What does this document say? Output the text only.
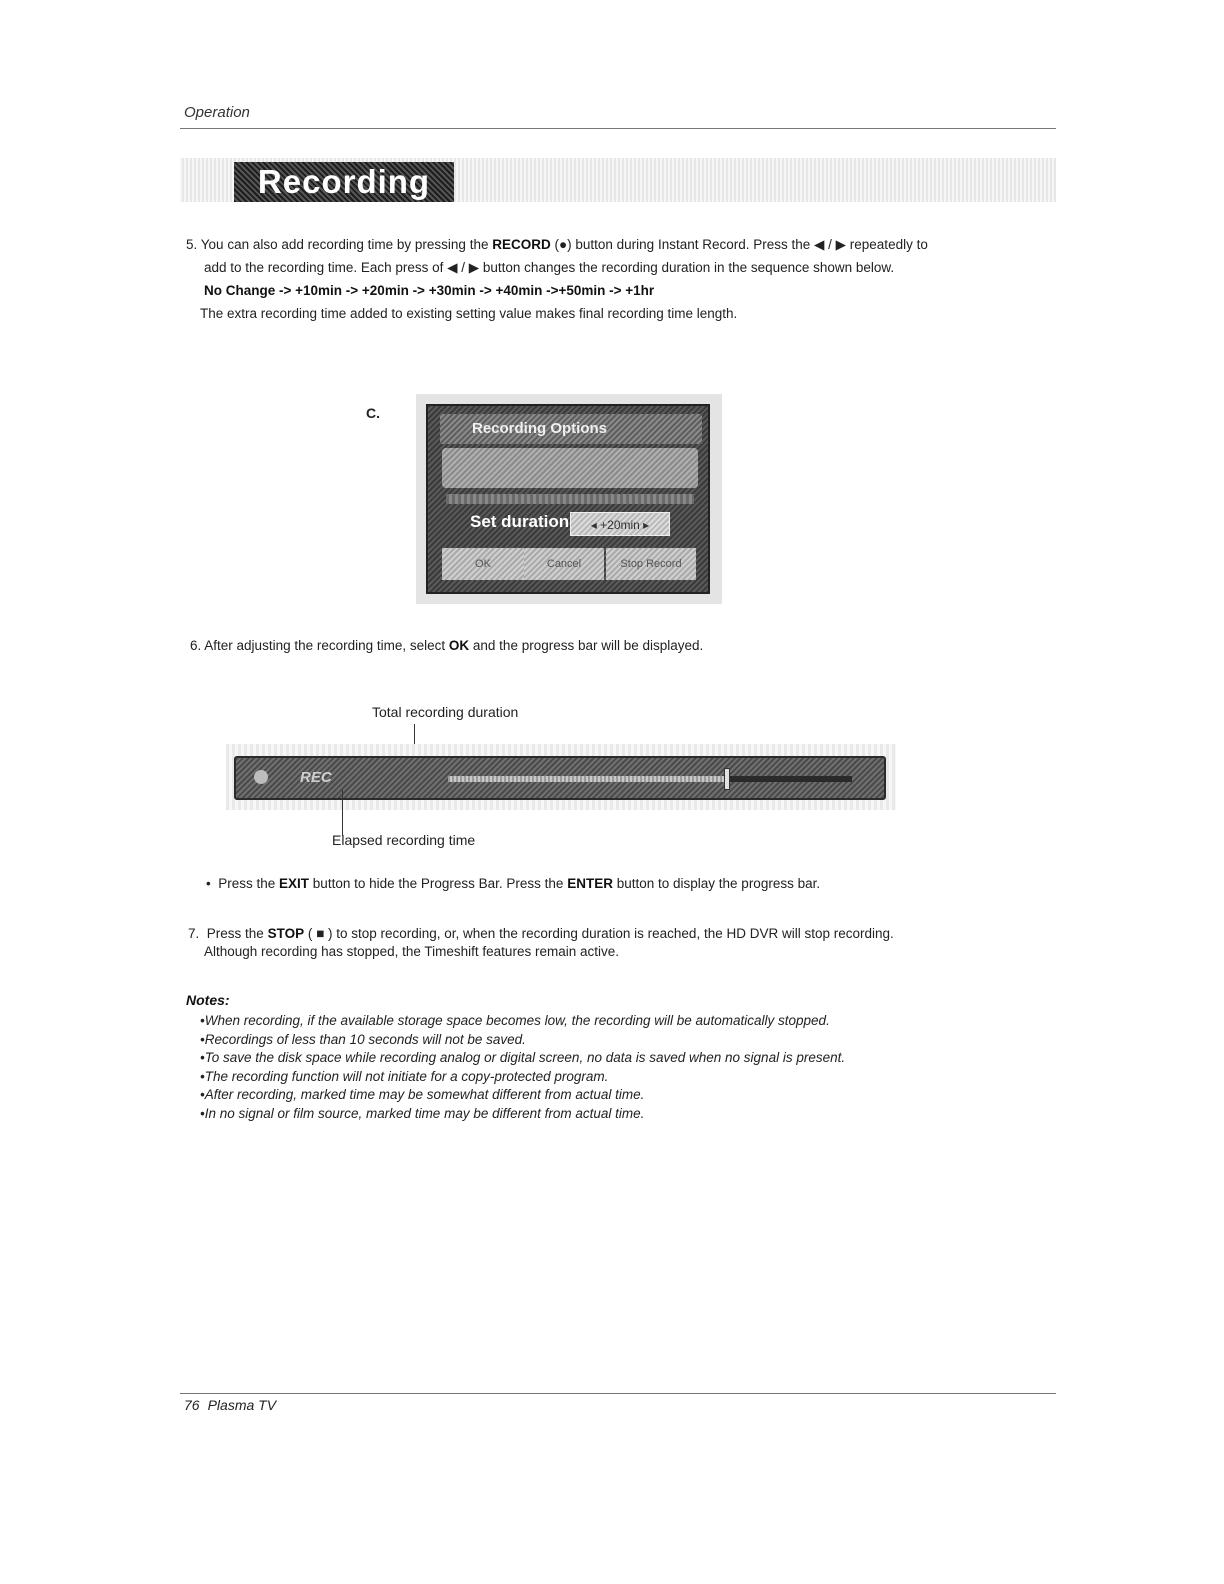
Operation
Recording
5. You can also add recording time by pressing the RECORD (●) button during Instant Record. Press the ◀ / ▶ repeatedly to
add to the recording time. Each press of ◀ / ▶ button changes the recording duration in the sequence shown below.
No Change -> +10min -> +20min -> +30min -> +40min ->+50min -> +1hr
The extra recording time added to existing setting value makes final recording time length.
C.
Recording Options
Set duration	◂ +20min ▸
OK	Cancel	Stop Record
6. After adjusting the recording time, select OK and the progress bar will be displayed.
Total recording duration
REC
Elapsed recording time
• Press the EXIT button to hide the Progress Bar. Press the ENTER button to display the progress bar.
7. Press the STOP ( ■ ) to stop recording, or, when the recording duration is reached, the HD DVR will stop recording.
Although recording has stopped, the Timeshift features remain active.
Notes:
•When recording, if the available storage space becomes low, the recording will be automatically stopped.
•Recordings of less than 10 seconds will not be saved.
•To save the disk space while recording analog or digital screen, no data is saved when no signal is present.
•The recording function will not initiate for a copy-protected program.
•After recording, marked time may be somewhat different from actual time.
•In no signal or film source, marked time may be different from actual time.
76 Plasma TV
